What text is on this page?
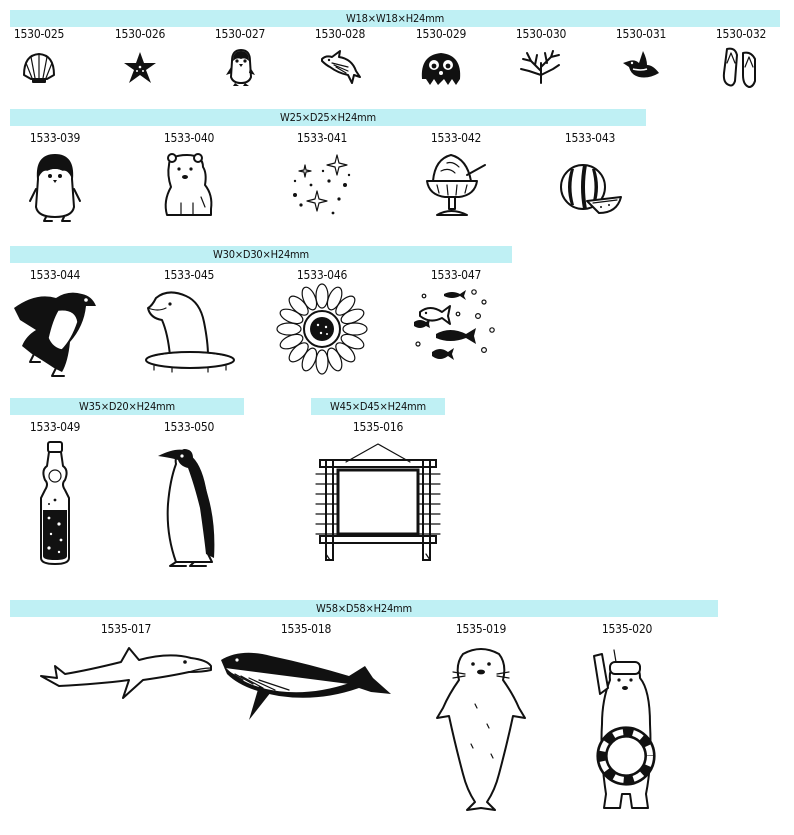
W18×W18×H24mm
W25×D25×H24mm
W30×D30×H24mm
W35×D20×H24mm	W45×D45×H24mm
W58×D58×H24mm
1530-025	1530-026	1530-027	1530-028	1530-029	1530-030	1530-031	1530-032
1533-039	1533-040	1533-041	1533-042	1533-043
1533-044	1533-045	1533-046	1533-047
1533-049	1533-050	1535-016
1535-017	1535-018	1535-019	1535-020
